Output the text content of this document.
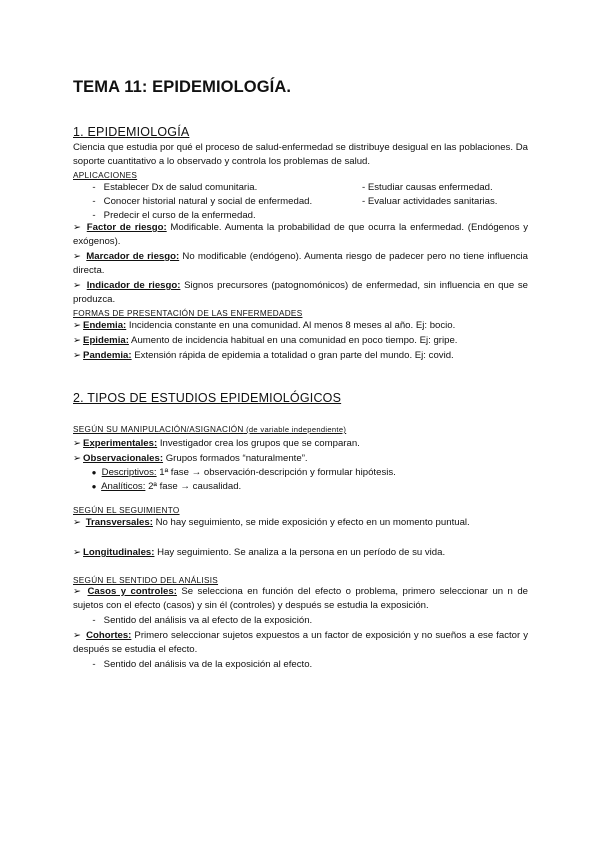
TEMA 11: EPIDEMIOLOGÍA.
1. EPIDEMIOLOGÍA
Ciencia que estudia por qué el proceso de salud-enfermedad se distribuye desigual en las poblaciones. Da soporte cuantitativo a lo observado y controla los problemas de salud.
APLICACIONES
- Establecer Dx de salud comunitaria.
- Conocer historial natural y social de enfermedad.
- Predecir el curso de la enfermedad.
- Estudiar causas enfermedad.
- Evaluar actividades sanitarias.
➢ Factor de riesgo: Modificable. Aumenta la probabilidad de que ocurra la enfermedad. (Endógenos y exógenos).
➢ Marcador de riesgo: No modificable (endógeno). Aumenta riesgo de padecer pero no tiene influencia directa.
➢ Indicador de riesgo: Signos precursores (patognomónicos) de enfermedad, sin influencia en que se produzca.
FORMAS DE PRESENTACIÓN DE LAS ENFERMEDADES
➢ Endemia: Incidencia constante en una comunidad. Al menos 8 meses al año. Ej: bocio.
➢ Epidemia: Aumento de incidencia habitual en una comunidad en poco tiempo. Ej: gripe.
➢ Pandemia: Extensión rápida de epidemia a totalidad o gran parte del mundo. Ej: covid.
2. TIPOS DE ESTUDIOS EPIDEMIOLÓGICOS
SEGÚN SU MANIPULACIÓN/ASIGNACIÓN (de variable independiente)
➢ Experimentales: Investigador crea los grupos que se comparan.
➢ Observacionales: Grupos formados “naturalmente”.
● Descriptivos: 1ª fase → observación-descripción y formular hipótesis.
● Analíticos: 2ª fase → causalidad.
SEGÚN EL SEGUIMIENTO
➢ Transversales: No hay seguimiento, se mide exposición y efecto en un momento puntual.
➢ Longitudinales: Hay seguimiento. Se analiza a la persona en un período de su vida.
SEGÚN EL SENTIDO DEL ANÁLISIS
➢ Casos y controles: Se selecciona en función del efecto o problema, primero seleccionar un n de sujetos con el efecto (casos) y sin él (controles) y después se estudia la exposición.
- Sentido del análisis va al efecto de la exposición.
➢ Cohortes: Primero seleccionar sujetos expuestos a un factor de exposición y no sueños a ese factor y después se estudia el efecto.
- Sentido del análisis va de la exposición al efecto.
